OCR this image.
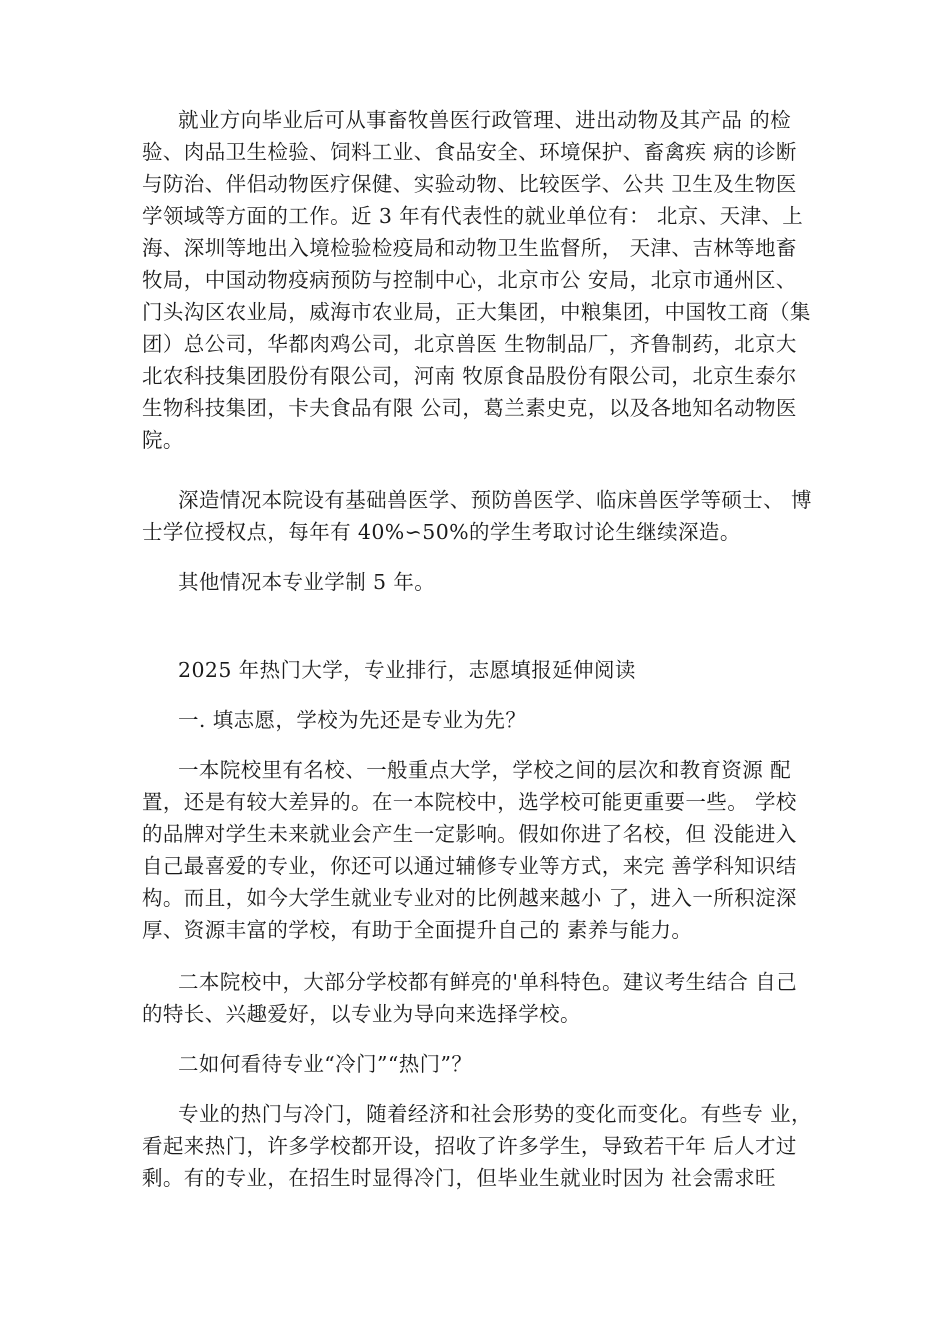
就业方向毕业后可从事畜牧兽医行政管理、进出动物及其产品 的检
验、肉品卫生检验、饲料工业、食品安全、环境保护、畜禽疾 病的诊断
与防治、伴侣动物医疗保健、实验动物、比较医学、公共 卫生及生物医
学领域等方面的工作。近 3 年有代表性的就业单位有： 北京、天津、上
海、深圳等地出入境检验检疫局和动物卫生监督所， 天津、吉林等地畜
牧局，中国动物疫病预防与控制中心，北京市公 安局，北京市通州区、
门头沟区农业局，威海市农业局，正大集团，中粮集团，中国牧工商（集
团）总公司，华都肉鸡公司，北京兽医 生物制品厂，齐鲁制药，北京大
北农科技集团股份有限公司，河南 牧原食品股份有限公司，北京生泰尔
生物科技集团，卡夫食品有限 公司，葛兰素史克，以及各地知名动物医
院。
深造情况本院设有基础兽医学、预防兽医学、临床兽医学等硕士、 博
士学位授权点，每年有 40%∽50%的学生考取讨论生继续深造。
其他情况本专业学制 5 年。
2025 年热门大学，专业排行，志愿填报延伸阅读
一. 填志愿，学校为先还是专业为先？
一本院校里有名校、一般重点大学，学校之间的层次和教育资源 配
置，还是有较大差异的。在一本院校中，选学校可能更重要一些。 学校
的品牌对学生未来就业会产生一定影响。假如你进了名校，但 没能进入
自己最喜爱的专业，你还可以通过辅修专业等方式，来完 善学科知识结
构。而且，如今大学生就业专业对的比例越来越小 了，进入一所积淀深
厚、资源丰富的学校，有助于全面提升自己的 素养与能力。
二本院校中，大部分学校都有鲜亮的'单科特色。建议考生结合 自己
的特长、兴趣爱好，以专业为导向来选择学校。
二如何看待专业“冷门”“热门”？
专业的热门与冷门，随着经济和社会形势的变化而变化。有些专 业，
看起来热门，许多学校都开设，招收了许多学生，导致若干年 后人才过
剩。有的专业，在招生时显得冷门，但毕业生就业时因为 社会需求旺
